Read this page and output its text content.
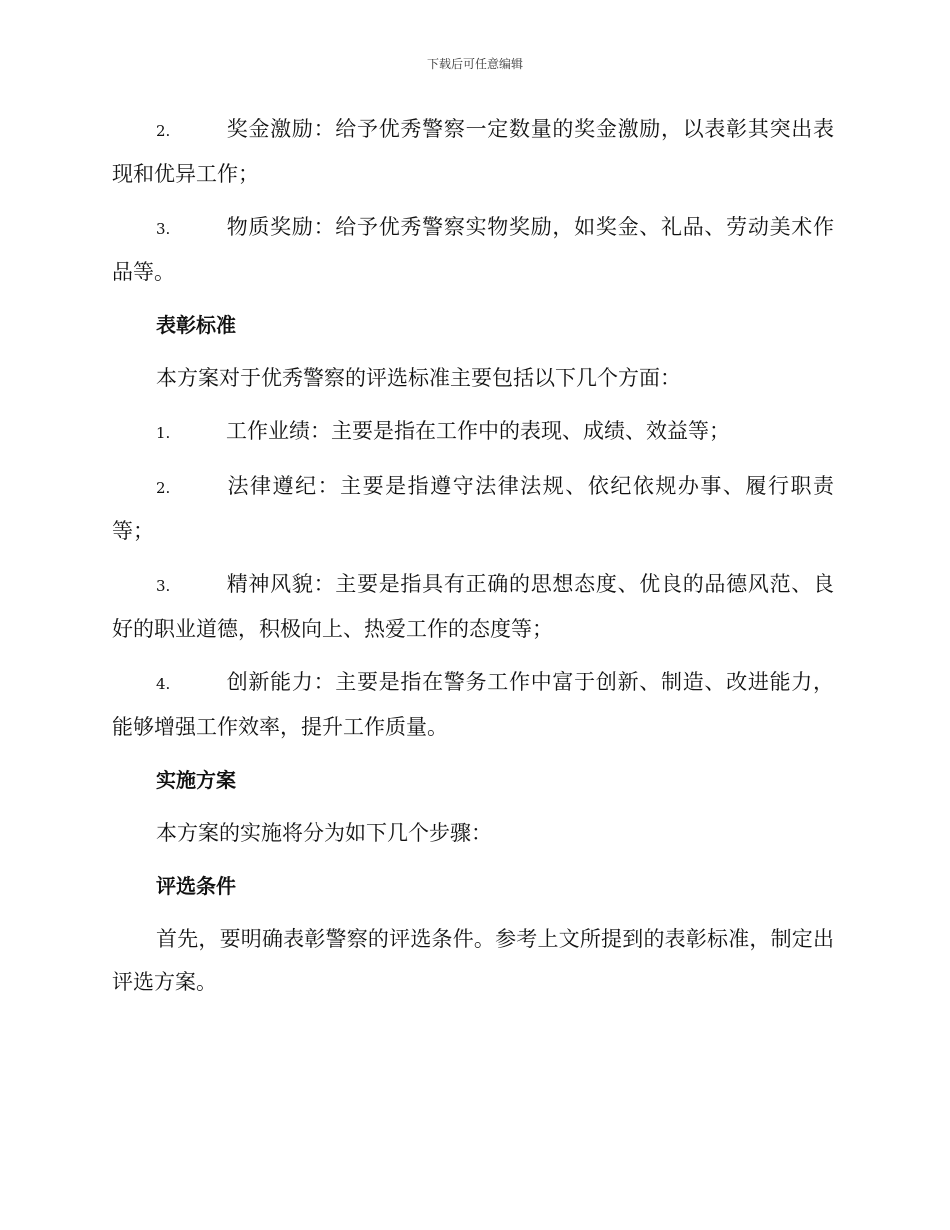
下载后可任意编辑

2.	奖金激励：给予优秀警察一定数量的奖金激励，以表彰其突出表现和优异工作；

3.	物质奖励：给予优秀警察实物奖励，如奖金、礼品、劳动美术作品等。

表彰标准

本方案对于优秀警察的评选标准主要包括以下几个方面：

1.	工作业绩：主要是指在工作中的表现、成绩、效益等；

2.	法律遵纪：主要是指遵守法律法规、依纪依规办事、履行职责等；

3.	精神风貌：主要是指具有正确的思想态度、优良的品德风范、良好的职业道德，积极向上、热爱工作的态度等；

4.	创新能力：主要是指在警务工作中富于创新、制造、改进能力，能够增强工作效率，提升工作质量。

实施方案

本方案的实施将分为如下几个步骤：

评选条件

首先，要明确表彰警察的评选条件。参考上文所提到的表彰标准，制定出评选方案。
